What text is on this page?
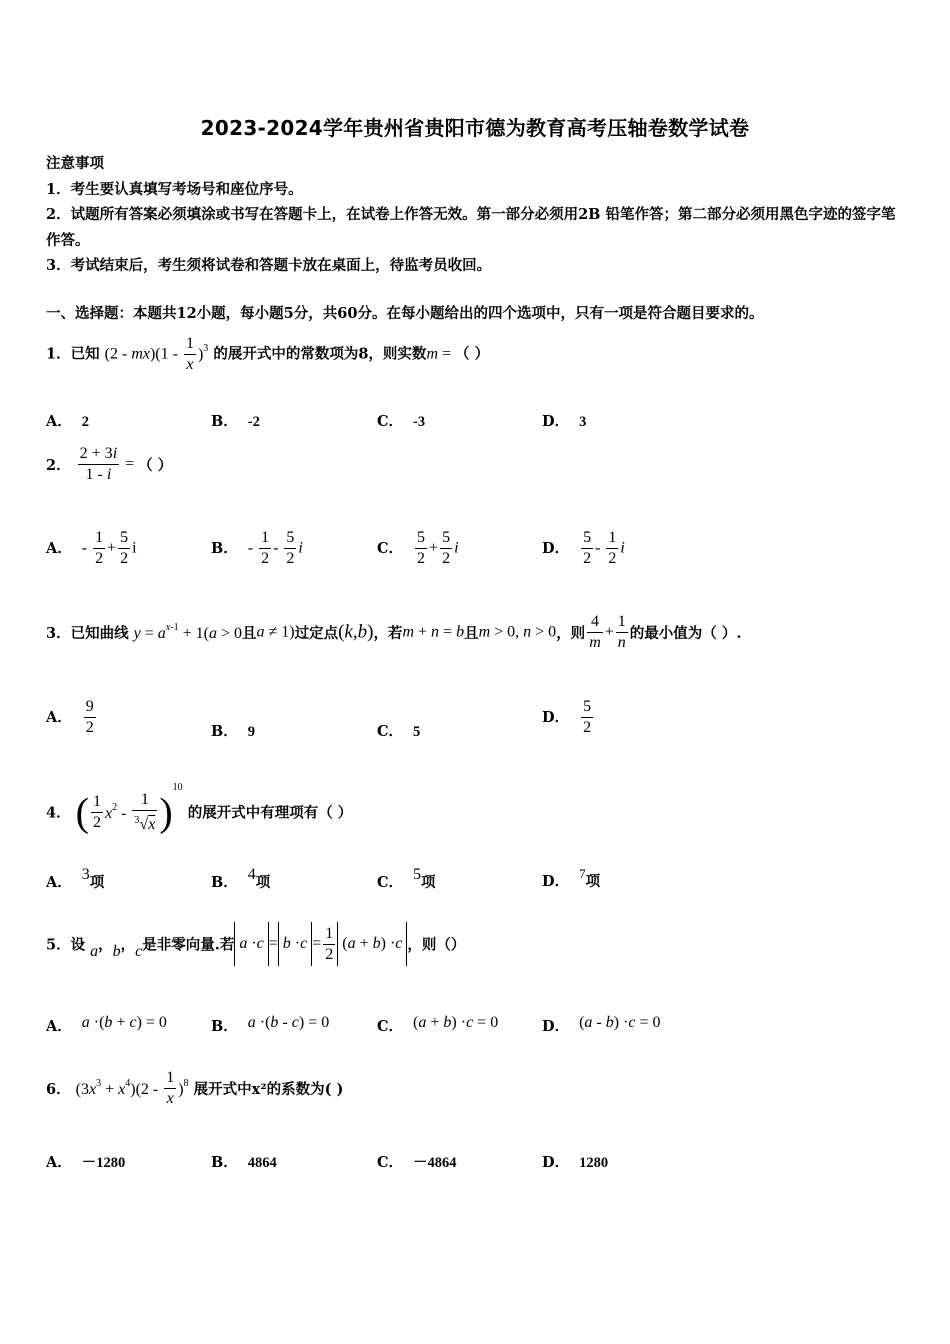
2023-2024学年贵州省贵阳市德为教育高考压轴卷数学试卷

注意事项

1．考生要认真填写考场号和座位序号。

2．试题所有答案必须填涂或书写在答题卡上，在试卷上作答无效。第一部分必须用2B 铅笔作答；第二部分必须用黑色字迹的签字笔作答。

3．考试结束后，考生须将试卷和答题卡放在桌面上，待监考员收回。

一、选择题：本题共12小题，每小题5分，共60分。在每小题给出的四个选项中，只有一项是符合题目要求的。
1．已知 $(2 - mx)(1 - \frac{1}{x} )^3$ 的展开式中的常数项为8，则实数m = （ ）
A． 2	B． -2	C． -3	D． 3
2． $\frac{2 + 3i}{1 - i}$ = （ ）
A． - $\frac{1}{2} + \frac{5}{2}$ i	B． - $\frac{1}{2} - \frac{5}{2}$ i	C． $\frac{5}{2} + \frac{5}{2}$ i	D． $\frac{5}{2} - \frac{1}{2}$ i
3．已知曲线 $y = a^{x-1} + 1(a > 0$且a ≠ 1)过定点(k,b)，若m + n = b且m > 0, n > 0，则 $\frac{4}{m} + \frac{1}{n}$ 的最小值为（ ）.
A． $\frac{9}{2}$	B． 9	C． 5
D． $\frac{5}{2}$
4． ( $\frac{1}{2} x^2 - \frac{1}{^3√x} )^{10}$ 的展开式中有理项有（ ）
A． 3项	B． 4项	C． 5项	D． 7项
5．设 a，b，c是非零向量.若 $a \cdot c = b \cdot c = \frac{1}{2} (a + b) \cdot c$ ，则（）
A． a ·(b + c) = 0	B． a ·(b - c) = 0	C． (a + b) ·c = 0	D． (a - b) ·c = 0
6． $(3x^3 + x^4)(2 - \frac{1}{x} )^8$ 展开式中x²的系数为( )
A． －1280	B． 4864	C． －4864	D． 1280
